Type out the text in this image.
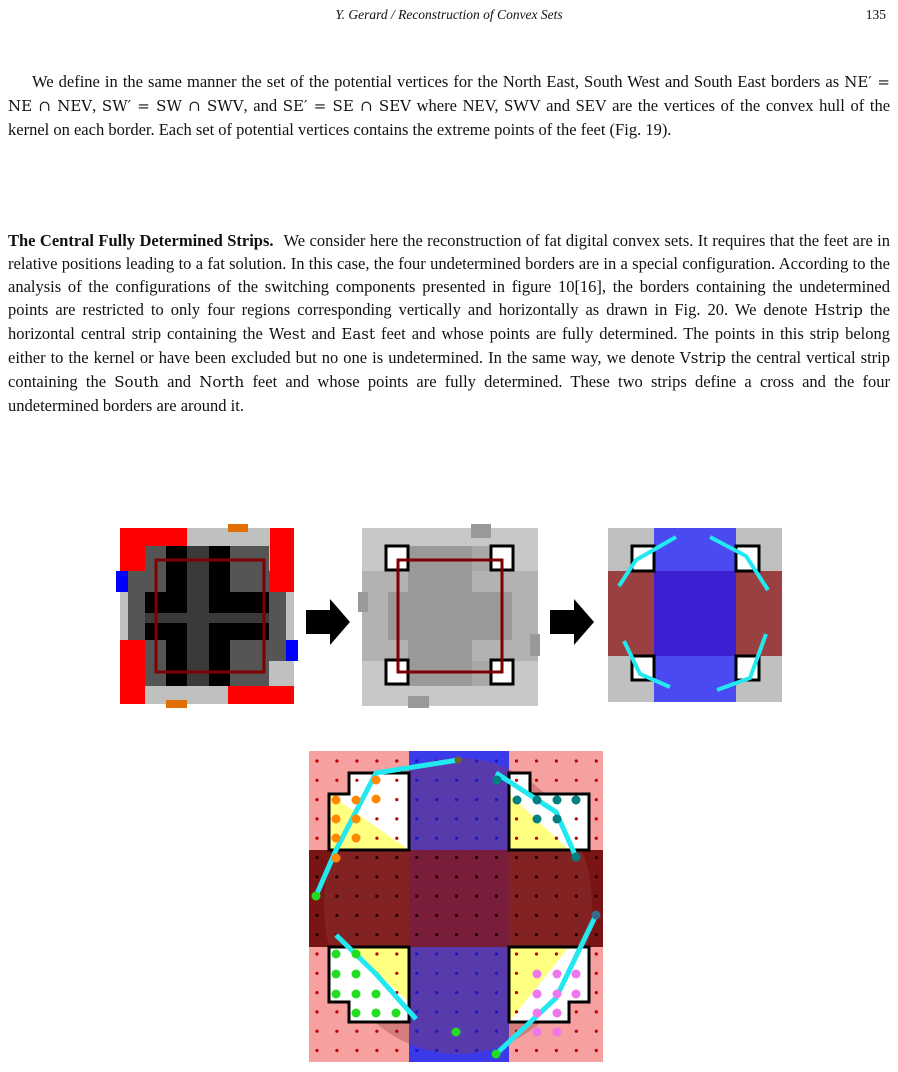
Y. Gerard / Reconstruction of Convex Sets	135

We define in the same manner the set of the potential vertices for the North East, South West and South East borders as NE′ = NE ∩ NEV, SW′ = SW ∩ SWV, and SE′ = SE ∩ SEV where NEV, SWV and SEV are the vertices of the convex hull of the kernel on each border. Each set of potential vertices contains the extreme points of the feet (Fig. 19).

The Central Fully Determined Strips. We consider here the reconstruction of fat digital convex sets. It requires that the feet are in relative positions leading to a fat solution. In this case, the four undetermined borders are in a special configuration. According to the analysis of the configurations of the switching components presented in figure 10[16], the borders containing the undetermined points are restricted to only four regions corresponding vertically and horizontally as drawn in Fig. 20. We denote Hstrip the horizontal central strip containing the West and East feet and whose points are fully determined. The points in this strip belong either to the kernel or have been excluded but no one is undetermined. In the same way, we denote Vstrip the central vertical strip containing the South and North feet and whose points are fully determined. These two strips define a cross and the four undetermined borders are around it.
